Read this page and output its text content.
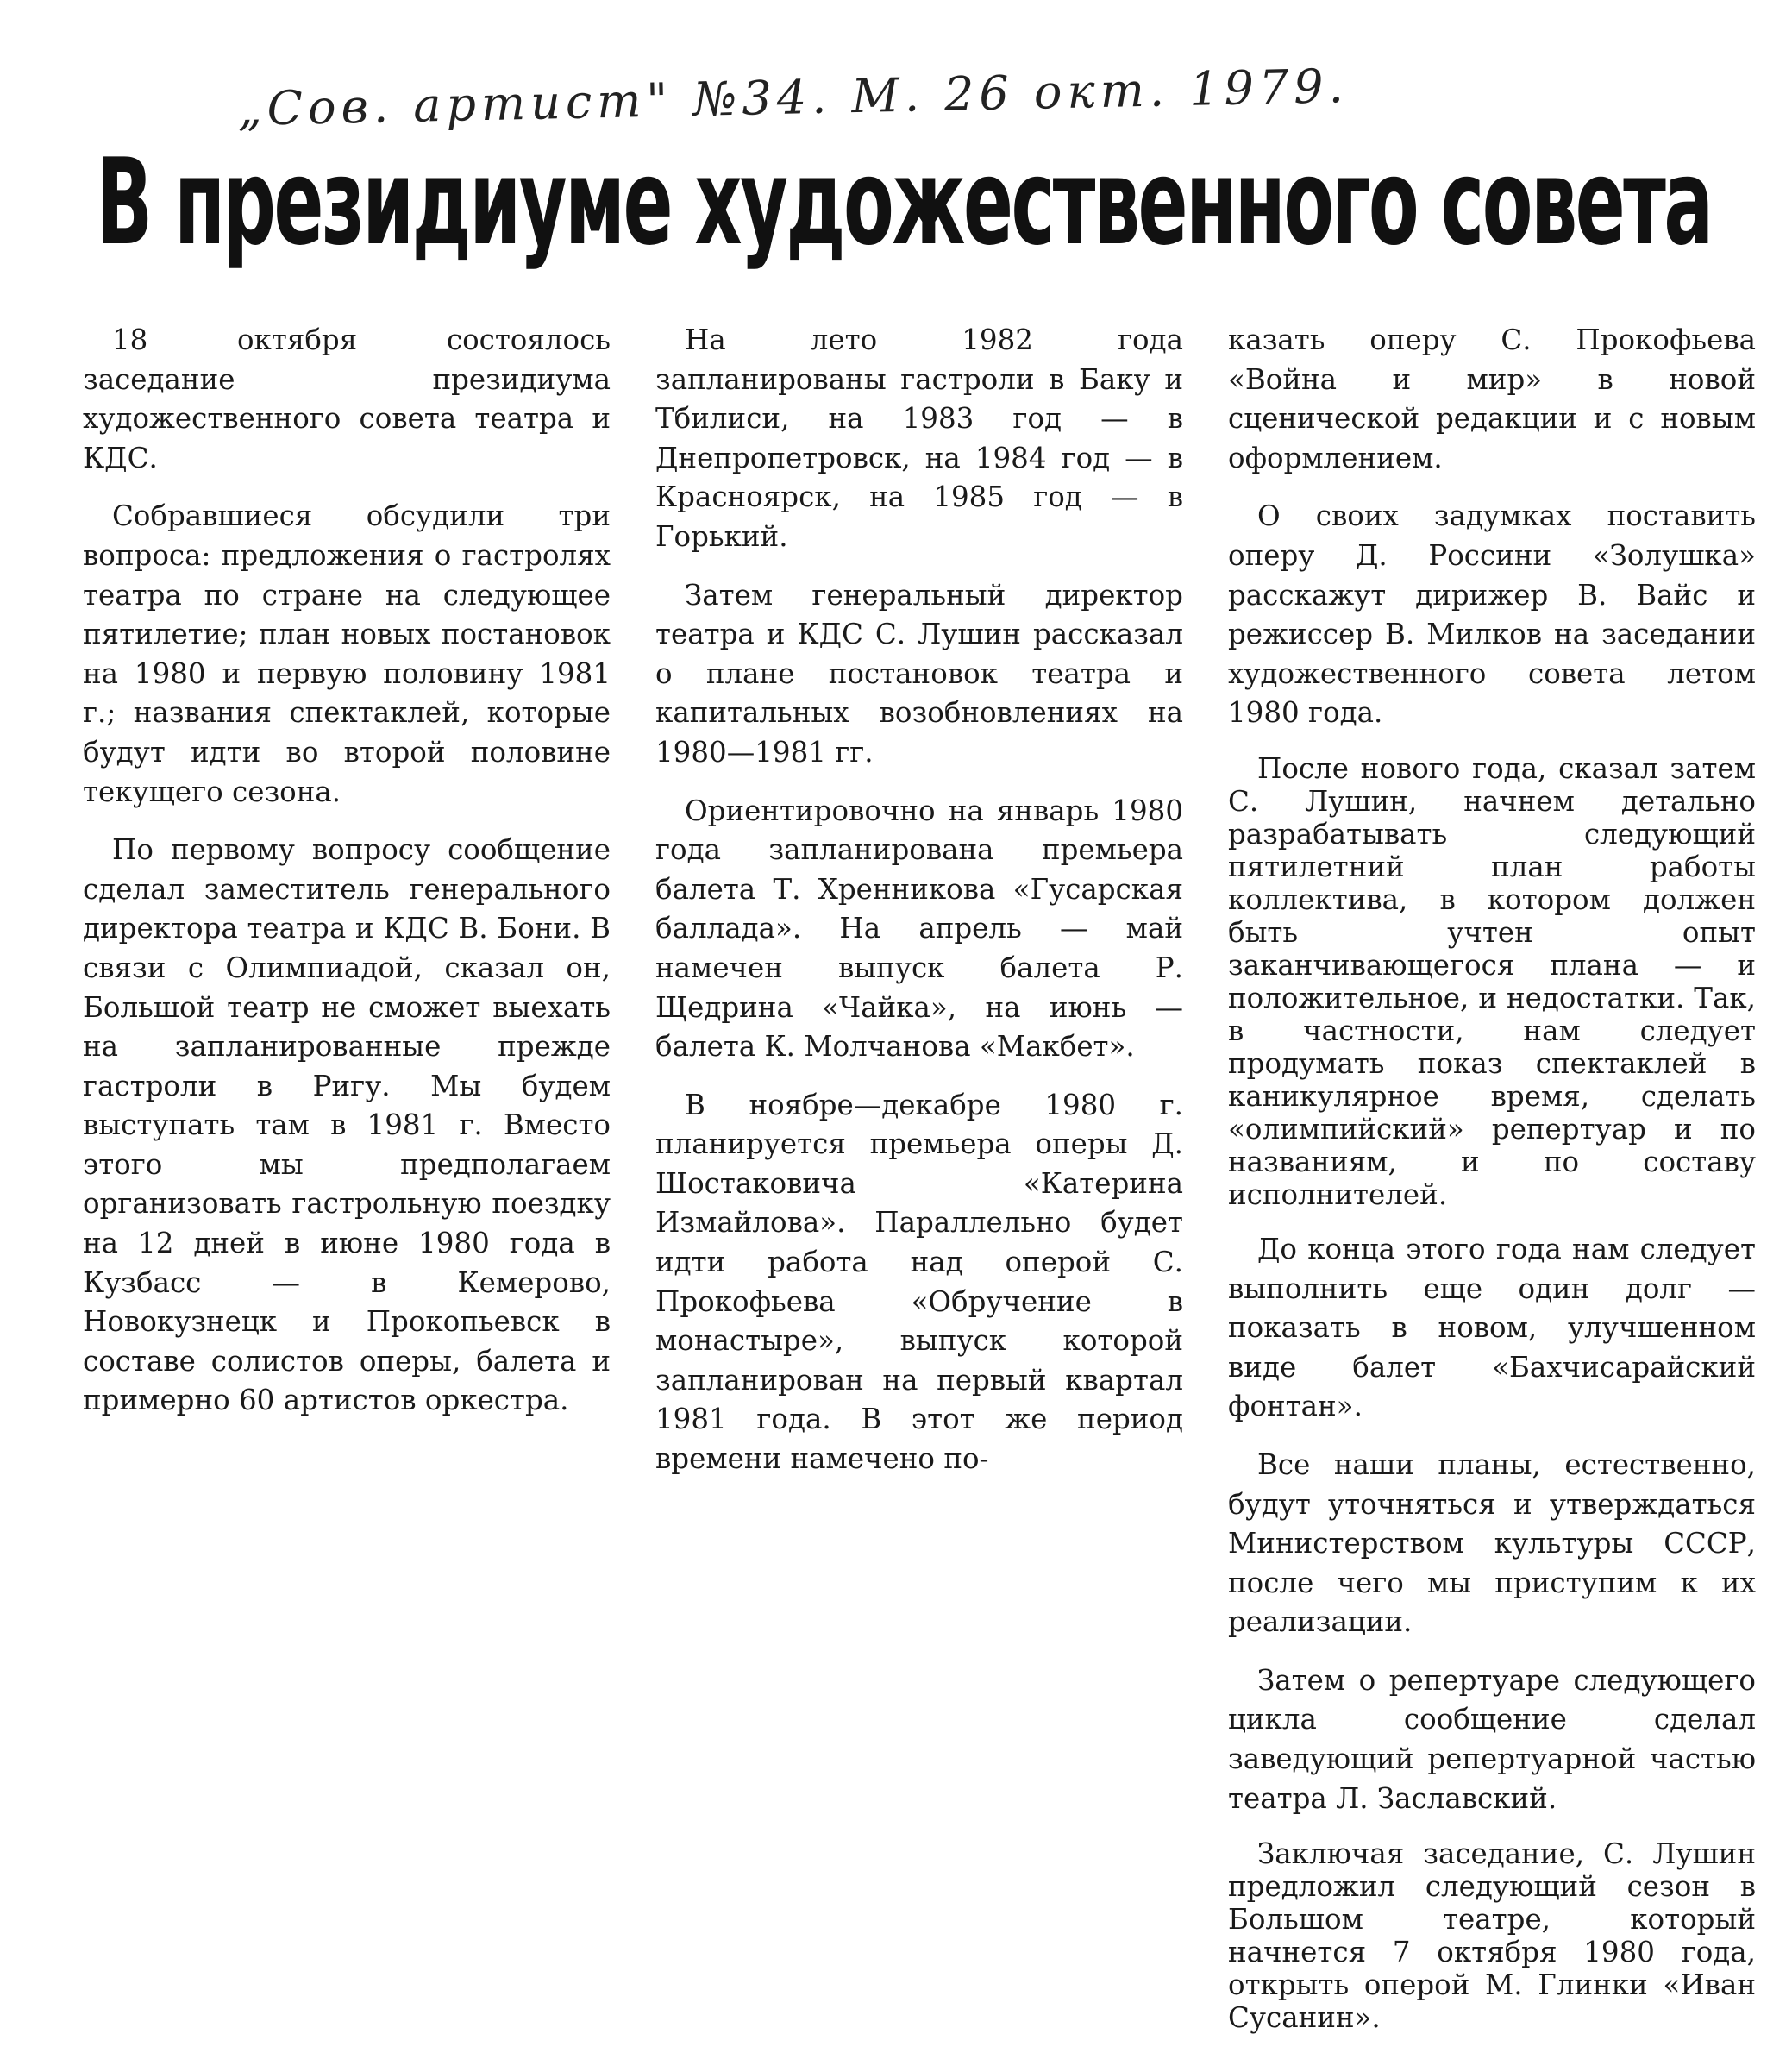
„Сов. артист" №34. М. 26 окт. 1979.
В президиуме художественного совета

18 октября состоялось заседание президиума художественного совета театра и КДС.

Собравшиеся обсудили три вопроса: предложения о гастролях театра по стране на следующее пятилетие; план новых постановок на 1980 и первую половину 1981 г.; названия спектаклей, которые будут идти во второй половине текущего сезона.

По первому вопросу сообщение сделал заместитель генерального директора театра и КДС В. Бони. В связи с Олимпиадой, сказал он, Большой театр не сможет выехать на запланированные прежде гастроли в Ригу. Мы будем выступать там в 1981 г. Вместо этого мы предполагаем организовать гастрольную поездку на 12 дней в июне 1980 года в Кузбасс — в Кемерово, Новокузнецк и Прокопьевск в составе солистов оперы, балета и примерно 60 артистов оркестра.

На лето 1982 года запланированы гастроли в Баку и Тбилиси, на 1983 год — в Днепропетровск, на 1984 год — в Красноярск, на 1985 год — в Горький.

Затем генеральный директор театра и КДС С. Лушин рассказал о плане постановок театра и капитальных возобновлениях на 1980—1981 гг.

Ориентировочно на январь 1980 года запланирована премьера балета Т. Хренникова «Гусарская баллада». На апрель — май намечен выпуск балета Р. Щедрина «Чайка», на июнь — балета К. Молчанова «Макбет».

В ноябре—декабре 1980 г. планируется премьера оперы Д. Шостаковича «Катерина Измайлова». Параллельно будет идти работа над оперой С. Прокофьева «Обручение в монастыре», выпуск которой запланирован на первый квартал 1981 года. В этот же период времени намечено по-

казать оперу С. Прокофьева «Война и мир» в новой сценической редакции и с новым оформлением.

О своих задумках поставить оперу Д. Россини «Золушка» расскажут дирижер В. Вайс и режиссер В. Милков на заседании художественного совета летом 1980 года.

После нового года, сказал затем С. Лушин, начнем детально разрабатывать следующий пятилетний план работы коллектива, в котором должен быть учтен опыт заканчивающегося плана — и положительное, и недостатки. Так, в частности, нам следует продумать показ спектаклей в каникулярное время, сделать «олимпийский» репертуар и по названиям, и по составу исполнителей.

До конца этого года нам следует выполнить еще один долг — показать в новом, улучшенном виде балет «Бахчисарайский фонтан».

Все наши планы, естественно, будут уточняться и утверждаться Министерством культуры СССР, после чего мы приступим к их реализации.

Затем о репертуаре следующего цикла сообщение сделал заведующий репертуарной частью театра Л. Заславский.

Заключая заседание, С. Лушин предложил следующий сезон в Большом театре, который начнется 7 октября 1980 года, открыть оперой М. Глинки «Иван Сусанин».
